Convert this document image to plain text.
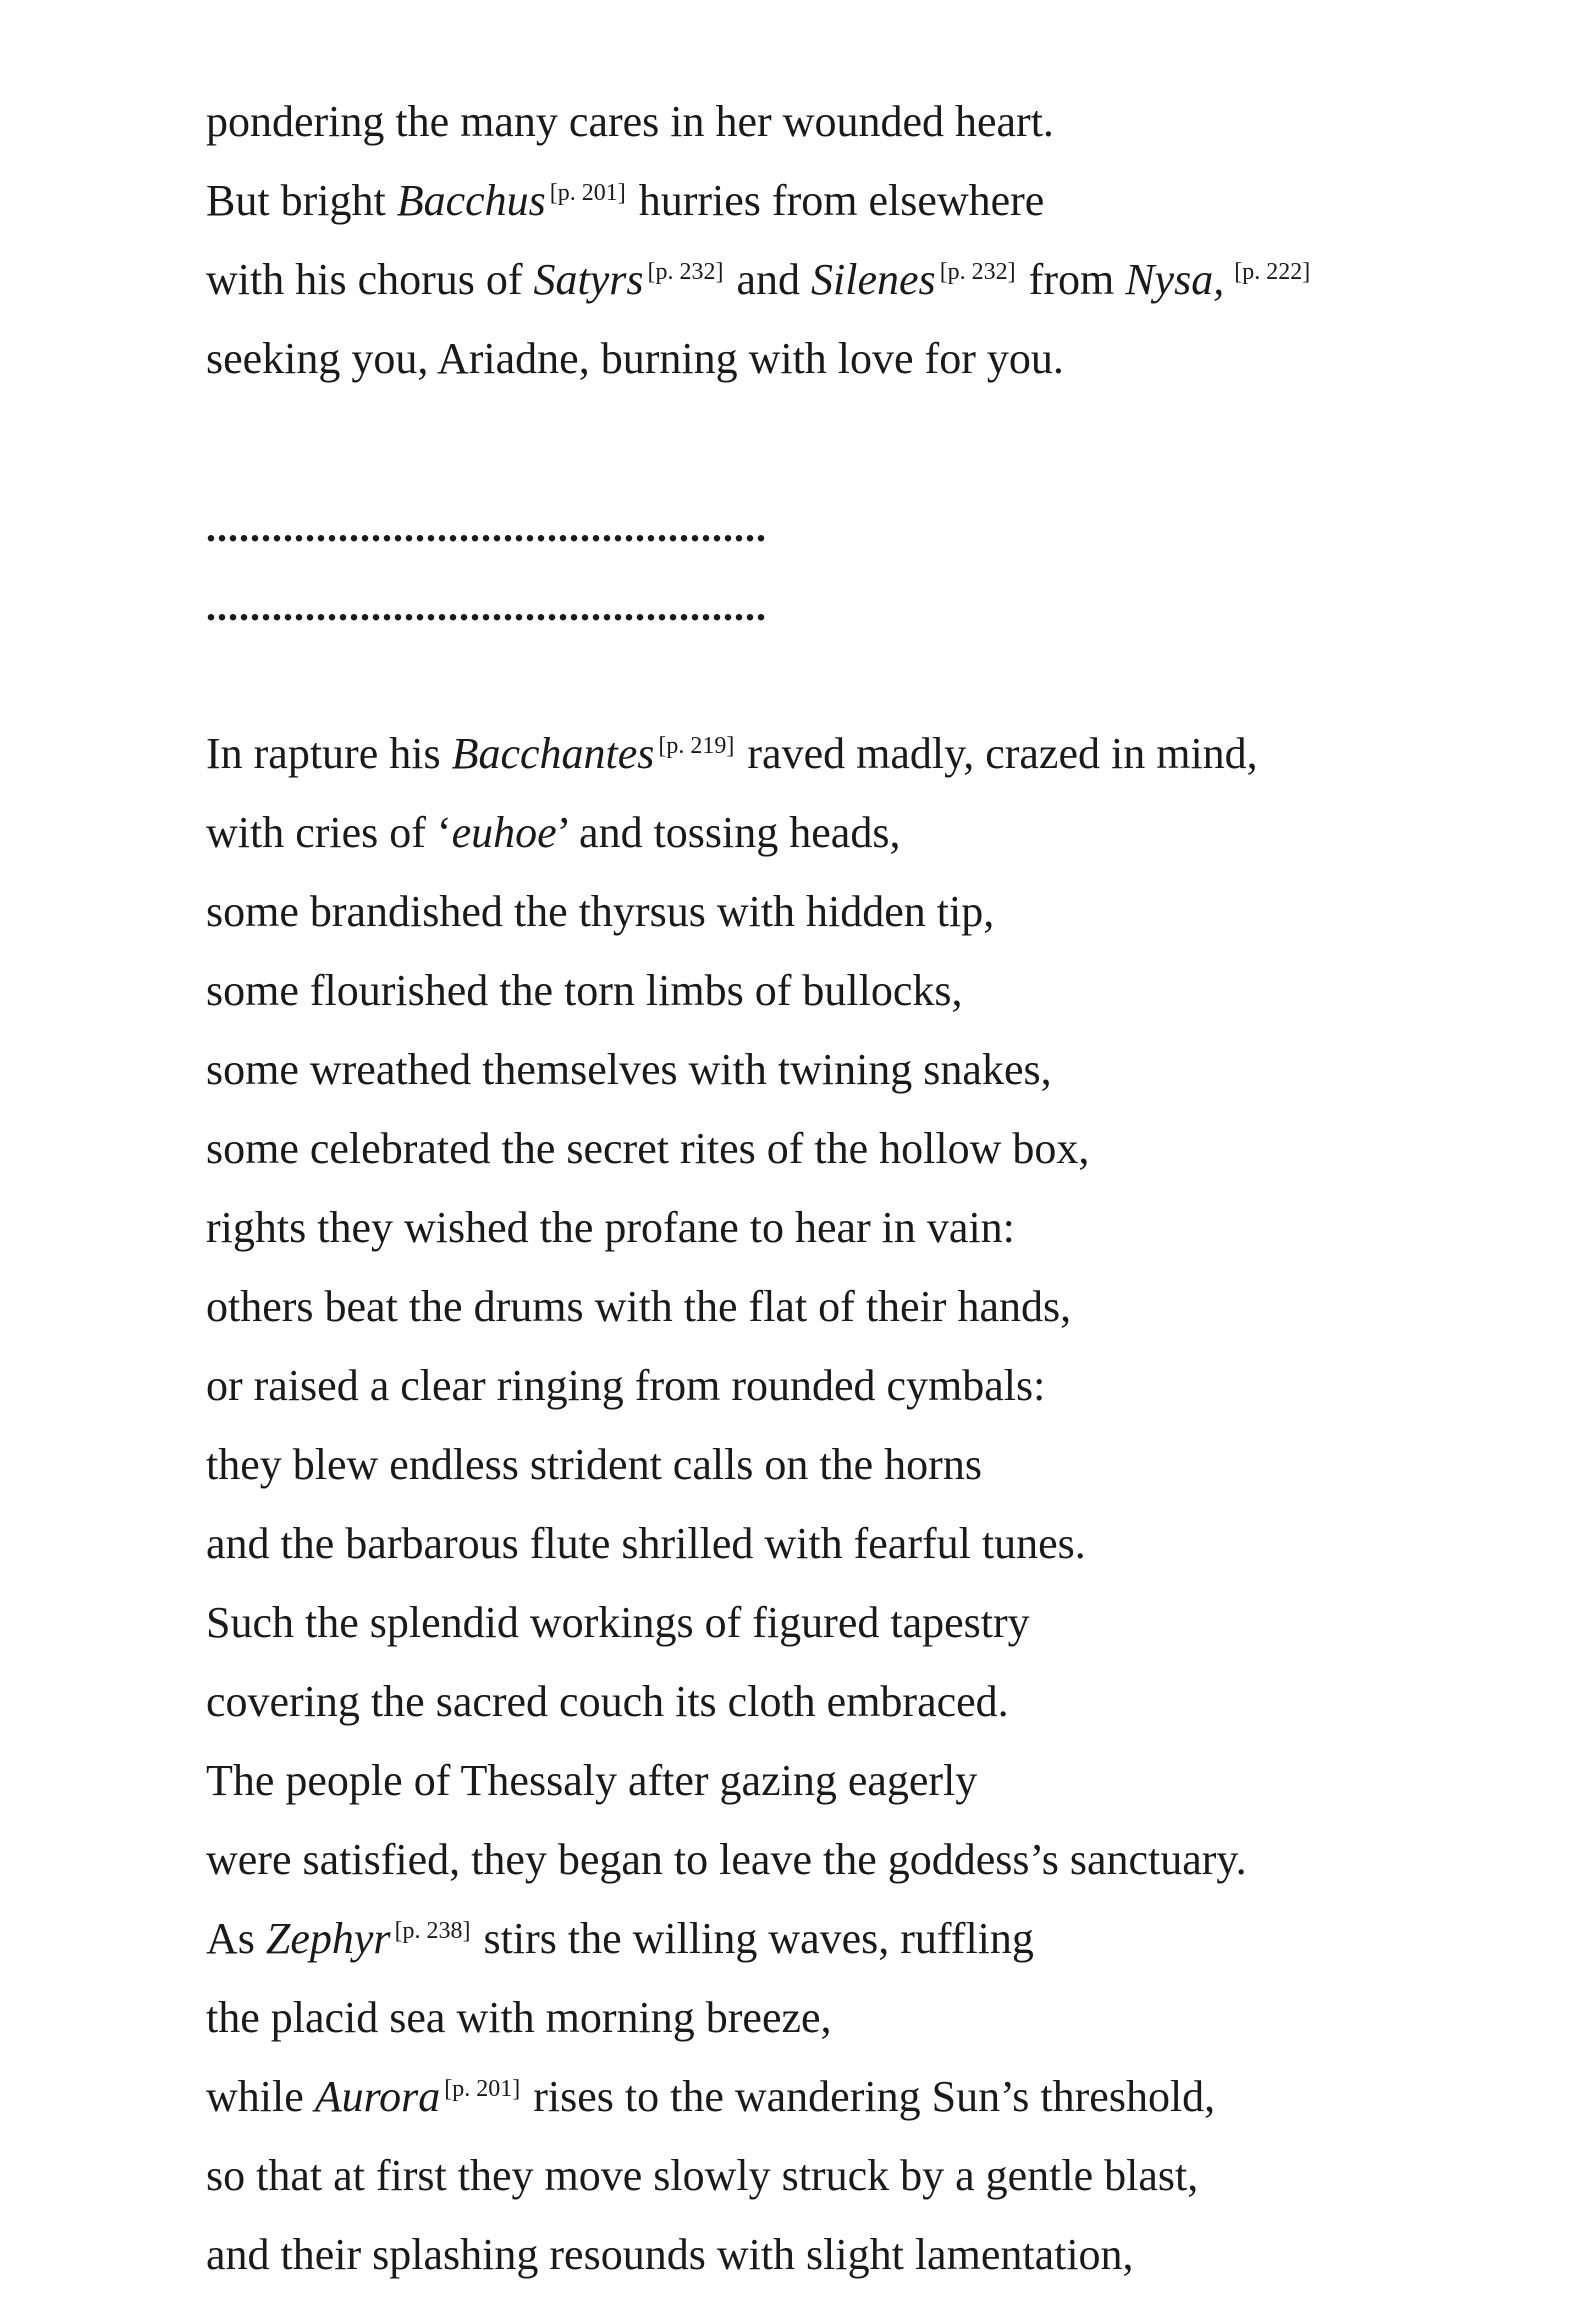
pondering the many cares in her wounded heart.
But bright Bacchus [p. 201] hurries from elsewhere
with his chorus of Satyrs [p. 232] and Silenes [p. 232] from Nysa, [p. 222]
seeking you, Ariadne, burning with love for you.
...................................................
...................................................
In rapture his Bacchantes [p. 219] raved madly, crazed in mind,
with cries of ‘euhoe’ and tossing heads,
some brandished the thyrsus with hidden tip,
some flourished the torn limbs of bullocks,
some wreathed themselves with twining snakes,
some celebrated the secret rites of the hollow box,
rights they wished the profane to hear in vain:
others beat the drums with the flat of their hands,
or raised a clear ringing from rounded cymbals:
they blew endless strident calls on the horns
and the barbarous flute shrilled with fearful tunes.
Such the splendid workings of figured tapestry
covering the sacred couch its cloth embraced.
The people of Thessaly after gazing eagerly
were satisfied, they began to leave the goddess’s sanctuary.
As Zephyr [p. 238] stirs the willing waves, ruffling
the placid sea with morning breeze,
while Aurora [p. 201] rises to the wandering Sun’s threshold,
so that at first they move slowly struck by a gentle blast,
and their splashing resounds with slight lamentation,
